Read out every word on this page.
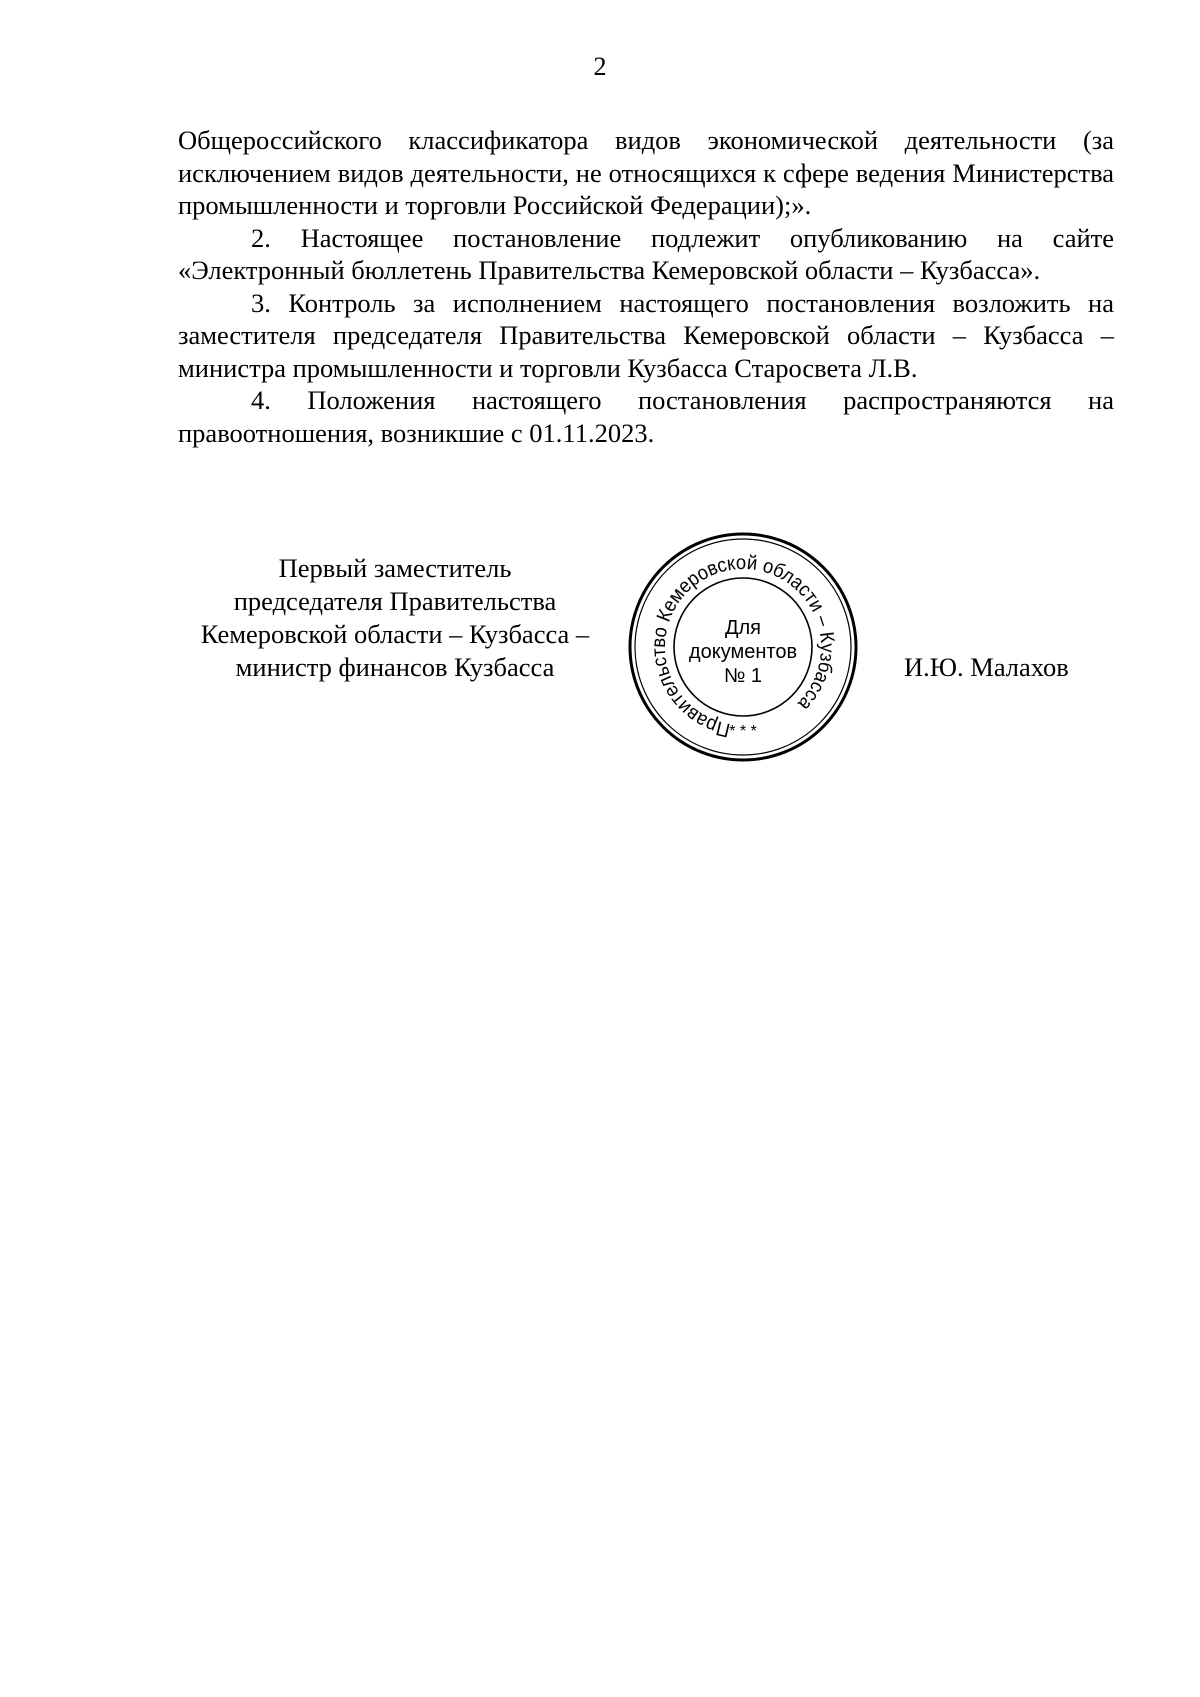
2

Общероссийского классификатора видов экономической деятельности (за исключением видов деятельности, не относящихся к сфере ведения Министерства промышленности и торговли Российской Федерации);».

2. Настоящее постановление подлежит опубликованию на сайте «Электронный бюллетень Правительства Кемеровской области – Кузбасса».

3. Контроль за исполнением настоящего постановления возложить на заместителя председателя Правительства Кемеровской области – Кузбасса – министра промышленности и торговли Кузбасса Старосвета Л.В.

4. Положения настоящего постановления распространяются на правоотношения, возникшие с 01.11.2023.

Первый заместитель
председателя Правительства
Кемеровской области – Кузбасса –
министр финансов Кузбасса
Правительство Кемеровской области – Кузбасса
* * *
Для
документов
№ 1	И.Ю. Малахов
